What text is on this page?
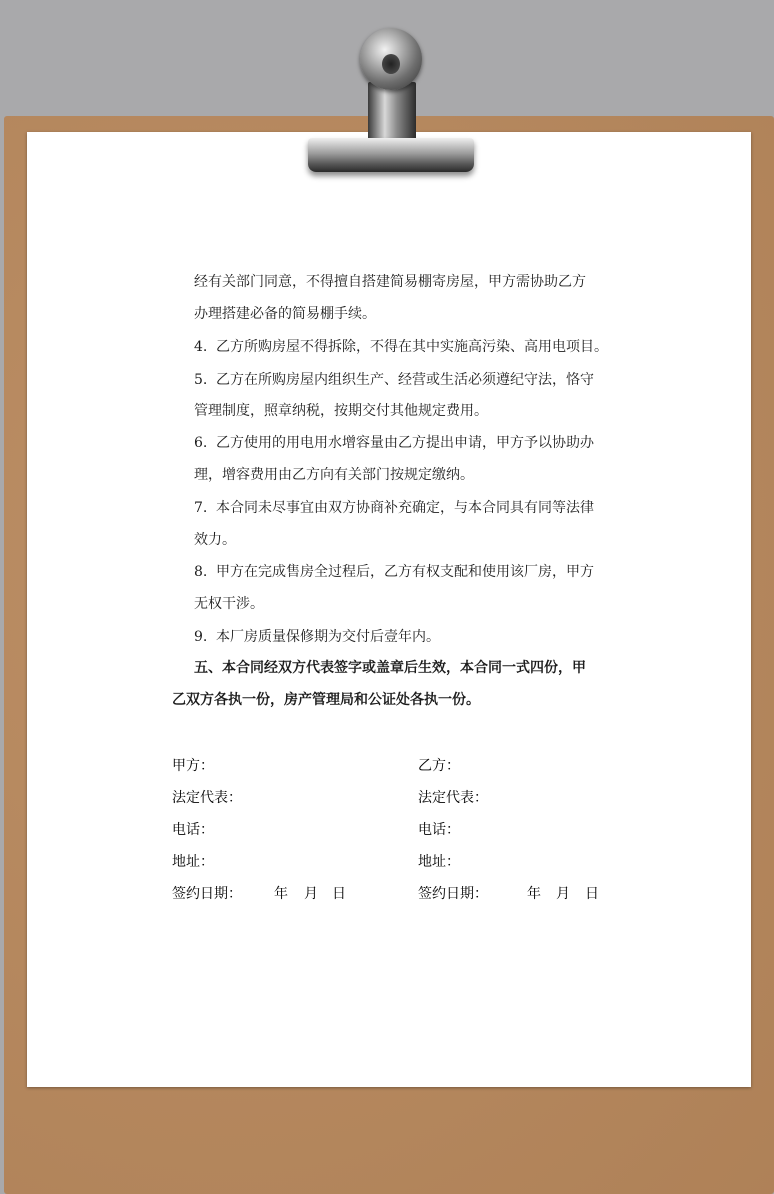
经有关部门同意，不得擅自搭建简易棚寄房屋，甲方需协助乙方
办理搭建必备的简易棚手续。
4. 乙方所购房屋不得拆除，不得在其中实施高污染、高用电项目。
5. 乙方在所购房屋内组织生产、经营或生活必须遵纪守法，恪守
管理制度，照章纳税，按期交付其他规定费用。
6. 乙方使用的用电用水增容量由乙方提出申请，甲方予以协助办
理，增容费用由乙方向有关部门按规定缴纳。
7. 本合同未尽事宜由双方协商补充确定，与本合同具有同等法律
效力。
8. 甲方在完成售房全过程后，乙方有权支配和使用该厂房，甲方
无权干涉。
9. 本厂房质量保修期为交付后壹年内。
五、本合同经双方代表签字或盖章后生效，本合同一式四份，甲
乙双方各执一份，房产管理局和公证处各执一份。
甲方：
法定代表：
电话：
地址：
签约日期： 年 月 日
乙方：
法定代表：
电话：
地址：
签约日期：	年 月 日
